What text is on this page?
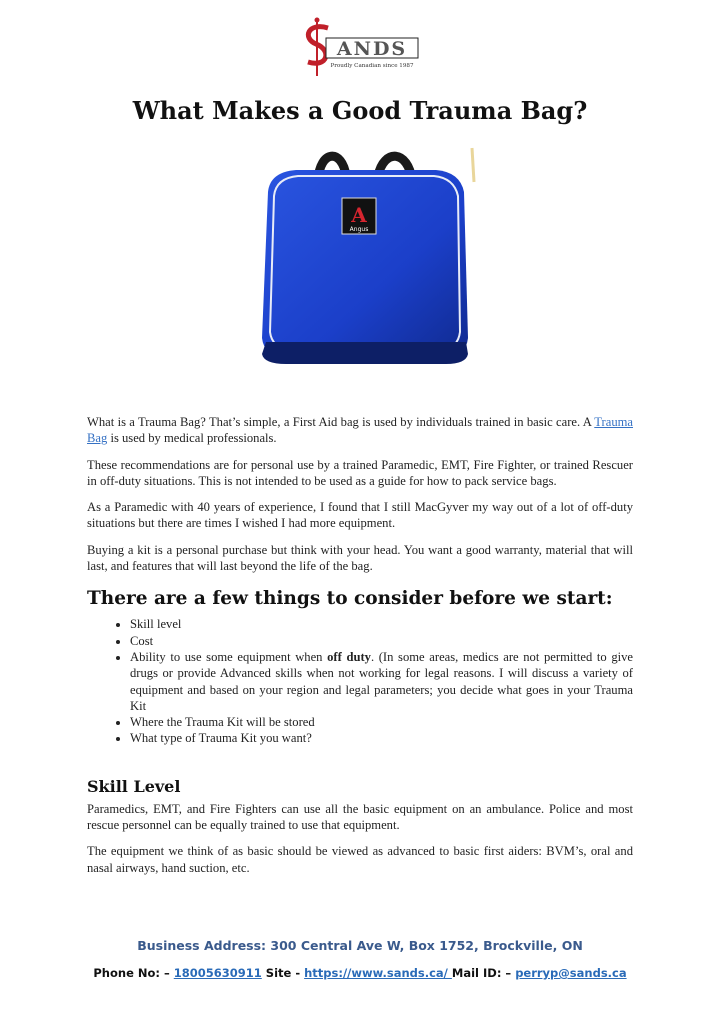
ANDS
Proudly Canadian since 1987
What Makes a Good Trauma Bag?
A
Angus

What is a Trauma Bag? That’s simple, a First Aid bag is used by individuals trained in basic care. A Trauma Bag is used by medical professionals.

These recommendations are for personal use by a trained Paramedic, EMT, Fire Fighter, or trained Rescuer in off-duty situations. This is not intended to be used as a guide for how to pack service bags.

As a Paramedic with 40 years of experience, I found that I still MacGyver my way out of a lot of off-duty situations but there are times I wished I had more equipment.

Buying a kit is a personal purchase but think with your head. You want a good warranty, material that will last, and features that will last beyond the life of the bag.

There are a few things to consider before we start:
• Skill level
• Cost
• Ability to use some equipment when off duty. (In some areas, medics are not permitted to give drugs or provide Advanced skills when not working for legal reasons. I will discuss a variety of equipment and based on your region and legal parameters; you decide what goes in your Trauma Kit
• Where the Trauma Kit will be stored
• What type of Trauma Kit you want?
Skill Level

Paramedics, EMT, and Fire Fighters can use all the basic equipment on an ambulance. Police and most rescue personnel can be equally trained to use that equipment.

The equipment we think of as basic should be viewed as advanced to basic first aiders: BVM’s, oral and nasal airways, hand suction, etc.

Business Address: 300 Central Ave W, Box 1752, Brockville, ON
Phone No: – 18005630911 Site - https://www.sands.ca/ Mail ID: – perryp@sands.ca
